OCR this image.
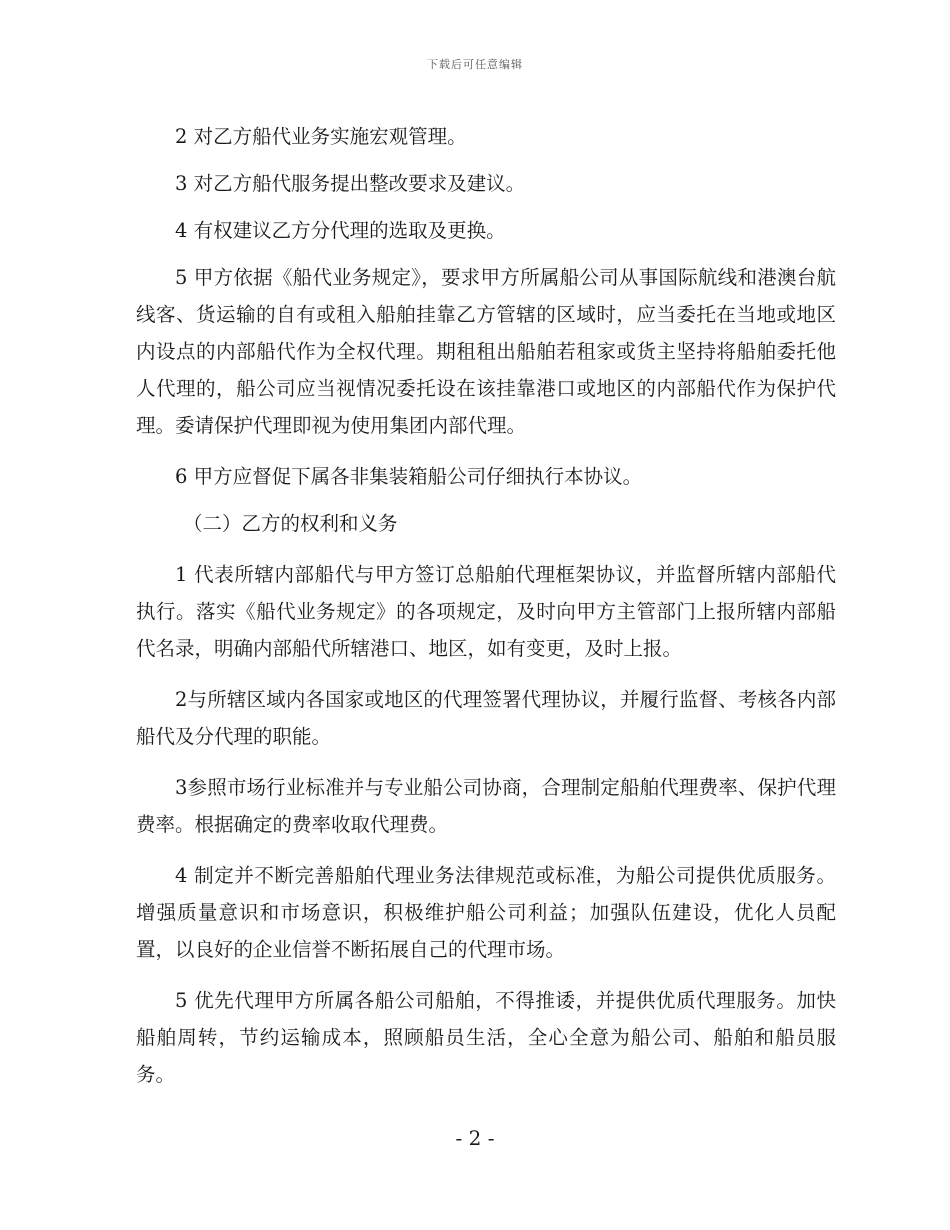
下载后可任意编辑

2 对乙方船代业务实施宏观管理。

3 对乙方船代服务提出整改要求及建议。

4 有权建议乙方分代理的选取及更换。

5 甲方依据《船代业务规定》，要求甲方所属船公司从事国际航线和港澳台航线客、货运输的自有或租入船舶挂靠乙方管辖的区域时，应当委托在当地或地区内设点的内部船代作为全权代理。期租租出船舶若租家或货主坚持将船舶委托他人代理的，船公司应当视情况委托设在该挂靠港口或地区的内部船代作为保护代理。委请保护代理即视为使用集团内部代理。

6 甲方应督促下属各非集装箱船公司仔细执行本协议。

（二）乙方的权利和义务

1 代表所辖内部船代与甲方签订总船舶代理框架协议，并监督所辖内部船代执行。落实《船代业务规定》的各项规定，及时向甲方主管部门上报所辖内部船代名录，明确内部船代所辖港口、地区，如有变更，及时上报。

2与所辖区域内各国家或地区的代理签署代理协议，并履行监督、考核各内部船代及分代理的职能。

3参照市场行业标准并与专业船公司协商，合理制定船舶代理费率、保护代理费率。根据确定的费率收取代理费。

4 制定并不断完善船舶代理业务法律规范或标准，为船公司提供优质服务。增强质量意识和市场意识，积极维护船公司利益；加强队伍建设，优化人员配置，以良好的企业信誉不断拓展自己的代理市场。

5 优先代理甲方所属各船公司船舶，不得推诿，并提供优质代理服务。加快船舶周转，节约运输成本，照顾船员生活，全心全意为船公司、船舶和船员服务。

- 2 -
